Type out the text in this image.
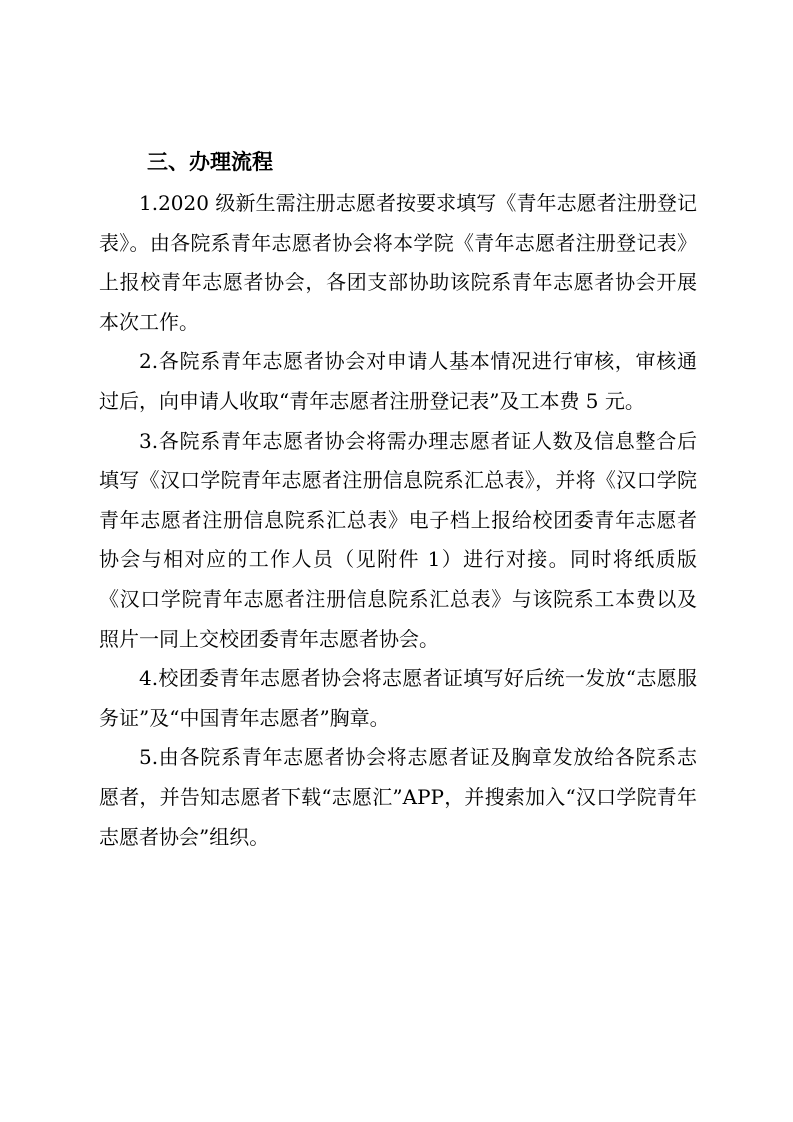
三、办理流程

1.2020 级新生需注册志愿者按要求填写《青年志愿者注册登记表》。由各院系青年志愿者协会将本学院《青年志愿者注册登记表》上报校青年志愿者协会，各团支部协助该院系青年志愿者协会开展本次工作。

2.各院系青年志愿者协会对申请人基本情况进行审核，审核通过后，向申请人收取“青年志愿者注册登记表”及工本费 5 元。

3.各院系青年志愿者协会将需办理志愿者证人数及信息整合后填写《汉口学院青年志愿者注册信息院系汇总表》，并将《汉口学院青年志愿者注册信息院系汇总表》电子档上报给校团委青年志愿者协会与相对应的工作人员（见附件 1）进行对接。同时将纸质版《汉口学院青年志愿者注册信息院系汇总表》与该院系工本费以及照片一同上交校团委青年志愿者协会。

4.校团委青年志愿者协会将志愿者证填写好后统一发放“志愿服务证”及“中国青年志愿者”胸章。

5.由各院系青年志愿者协会将志愿者证及胸章发放给各院系志愿者，并告知志愿者下载“志愿汇”APP，并搜索加入“汉口学院青年志愿者协会”组织。
